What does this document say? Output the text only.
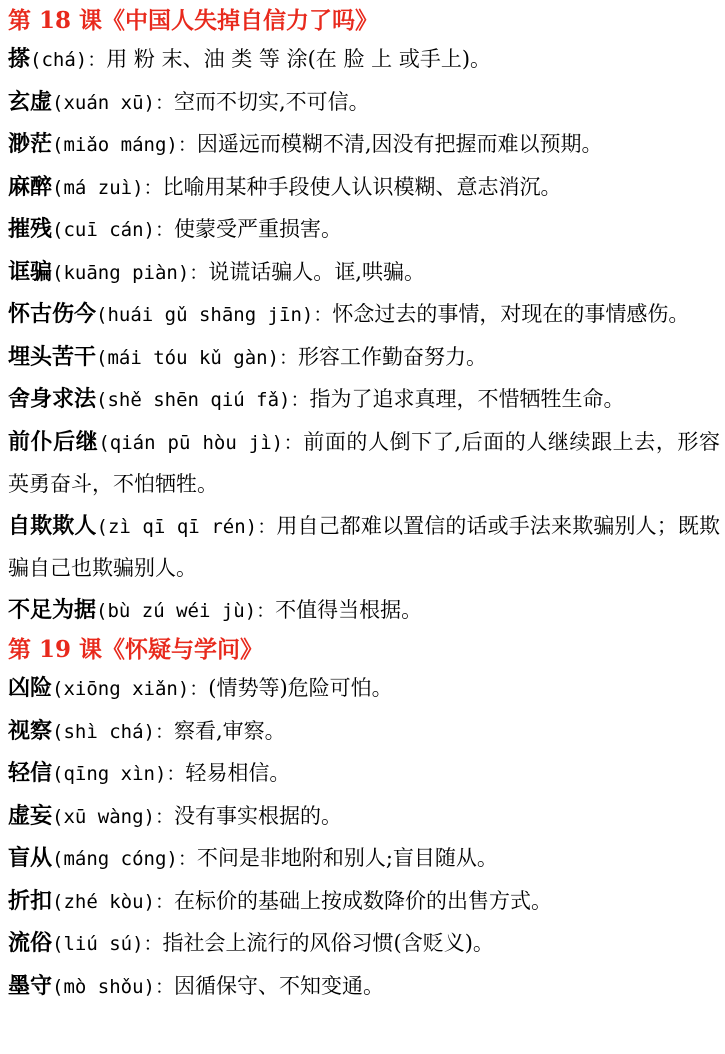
第 18 课《中国人失掉自信力了吗》
搽(chá)：用 粉 末、油 类 等 涂(在 脸 上 或手上)。
玄虚(xuán xū)：空而不切实,不可信。
渺茫(miǎo máng)：因遥远而模糊不清,因没有把握而难以预期。
麻醉(má zuì)：比喻用某种手段使人认识模糊、意志消沉。
摧残(cuī cán)：使蒙受严重损害。
诓骗(kuāng piàn)：说谎话骗人。诓,哄骗。
怀古伤今(huái gǔ shāng jīn)：怀念过去的事情，对现在的事情感伤。
埋头苦干(mái tóu kǔ gàn)：形容工作勤奋努力。
舍身求法(shě shēn qiú fǎ)：指为了追求真理，不惜牺牲生命。
前仆后继(qián pū hòu jì)：前面的人倒下了,后面的人继续跟上去，形容英勇奋斗，不怕牺牲。
自欺欺人(zì qī qī rén)：用自己都难以置信的话或手法来欺骗别人；既欺骗自己也欺骗别人。
不足为据(bù zú wéi jù)：不值得当根据。
第 19 课《怀疑与学问》
凶险(xiōng xiǎn)：(情势等)危险可怕。
视察(shì chá)：察看,审察。
轻信(qīng xìn)：轻易相信。
虚妄(xū wàng)：没有事实根据的。
盲从(máng cóng)：不问是非地附和别人;盲目随从。
折扣(zhé kòu)：在标价的基础上按成数降价的出售方式。
流俗(liú sú)：指社会上流行的风俗习惯(含贬义)。
墨守(mò shǒu)：因循保守、不知变通。
